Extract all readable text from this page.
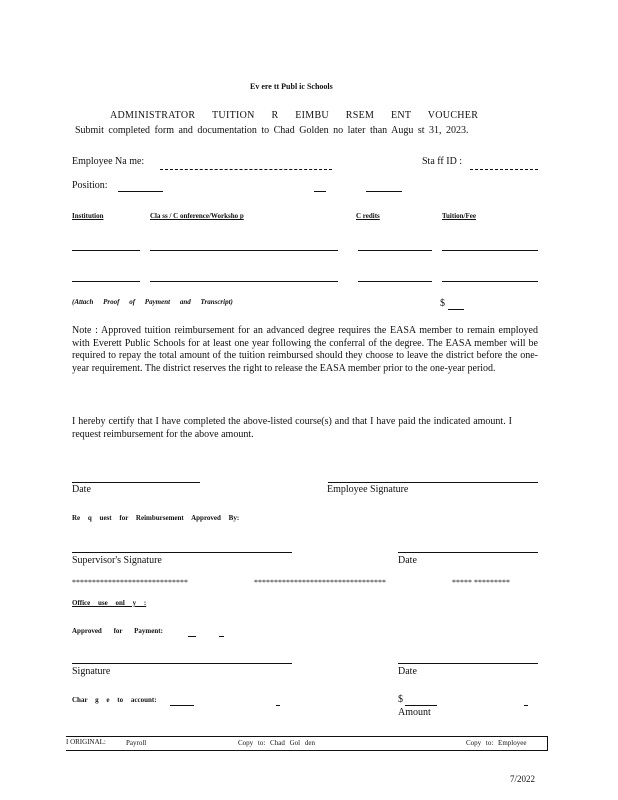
Ev ere tt Publ ic Schools
ADMINISTRATOR TUITION R EIMBU RSEM ENT VOUCHER
Submit completed form and documentation to Chad Golden no later than Augu st 31, 2023.
Employee Na me:	Sta ff ID :
Position:
Institution	Cla ss / C onference/Worksho p	C redits	Tuition/Fee
(Attach Proof of Payment and Transcript)	$
Note : Approved tuition reimbursement for an advanced degree requires the EASA member to remain employed with Everett Public Schools for at least one year following the conferral of the degree. The EASA member will be required to repay the total amount of the tuition reimbursed should they choose to leave the district before the one-year requirement. The district reserves the right to release the EASA member prior to the one-year period.
I hereby certify that I have completed the above-listed course(s) and that I have paid the indicated amount. I request reimbursement for the above amount.
Date	Employee Signature
Re q uest for Reimbursement Approved By:
Supervisor's Signature	Date
*****************************	*********************************	***** *********
Office use onl y :
Approved for Payment:
Signature	Date
Char g e to account:	$
Amount
I ORIGINAL:	Payroll	Copy to: Chad Gol den	Copy to: Employee
7/2022
